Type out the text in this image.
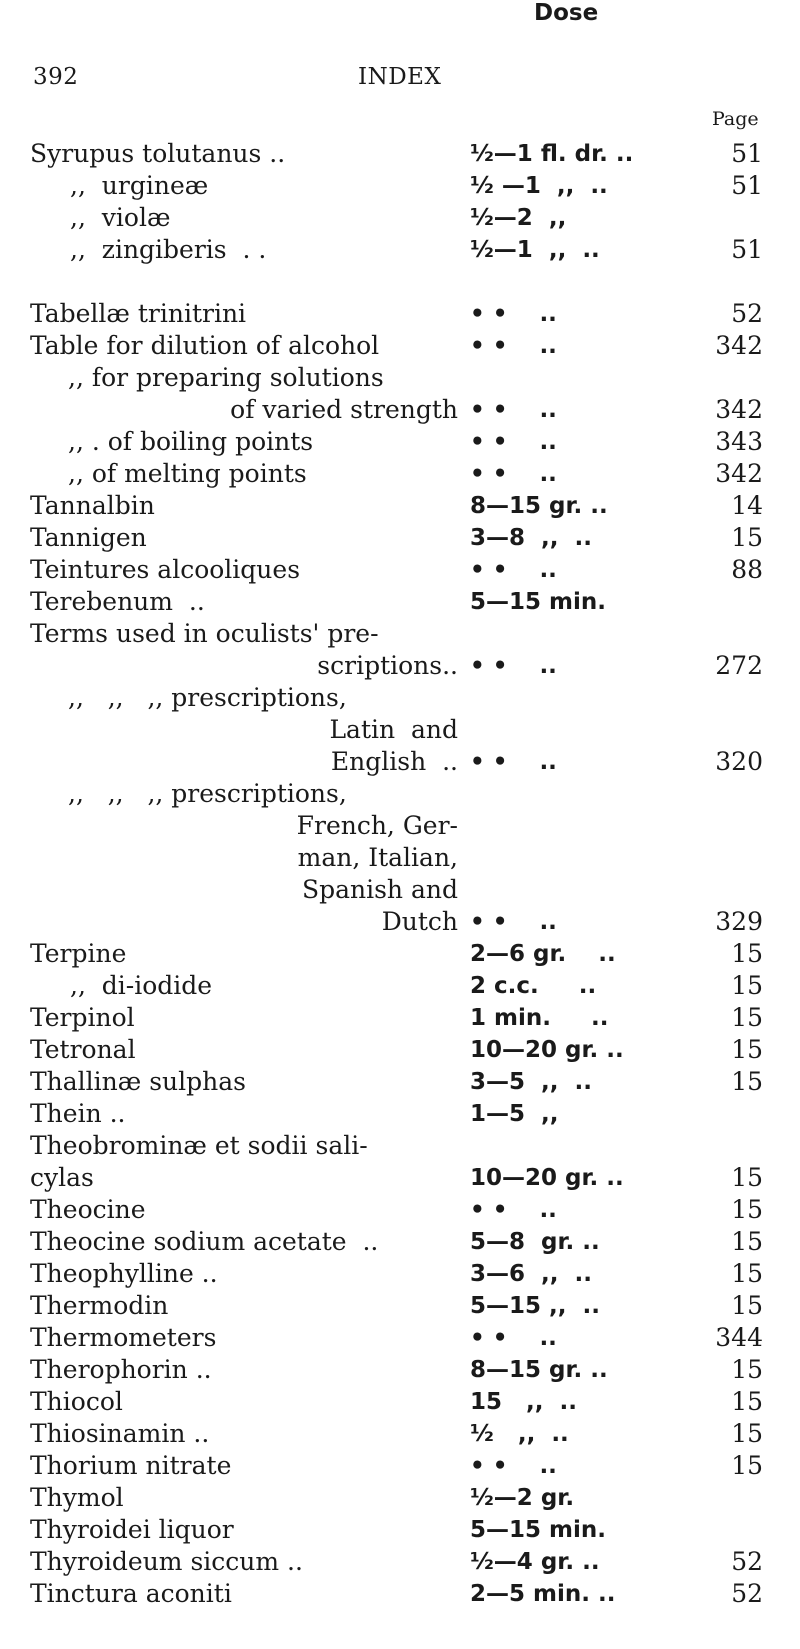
392	INDEX
Dose
Page
Syrupus tolutanus ..	½—1 fl. dr. ..	51
,,  urgineæ	½ —1  ,,  ..	51
,,  violæ	½—2  ,,
,,  zingiberis  . .	½—1  ,,  ..	51
Tabellæ trinitrini	• •    ..	52
Table for dilution of alcohol	• •    ..	342
,, for preparing solutions
of varied strength • •    ..	342
,, . of boiling points	• •    ..	343
,, of melting points	• •    ..	342
Tannalbin	8—15 gr. ..	14
Tannigen	3—8  ,,  ..	15
Teintures alcooliques	• •    ..	88
Terebenum  ..	5—15 min.
Terms used in oculists' pre-
scriptions.. • •    ..	272
,,   ,,   ,, prescriptions,
Latin  and
English  .. • •    ..	320
,,   ,,   ,, prescriptions,
French, Ger-
man, Italian,
Spanish and
Dutch • •    ..	329
Terpine	2—6 gr.    ..	15
,,  di-iodide	2 c.c.     ..	15
Terpinol	1 min.     ..	15
Tetronal	10—20 gr. ..	15
Thallinæ sulphas	3—5  ,,  ..	15
Thein ..	1—5  ,,
Theobrominæ et sodii sali-
cylas	10—20 gr. ..	15
Theocine	• •    ..	15
Theocine sodium acetate  ..	5—8  gr. ..	15
Theophylline ..	3—6  ,,  ..	15
Thermodin	5—15 ,,  ..	15
Thermometers	• •    ..	344
Therophorin ..	8—15 gr. ..	15
Thiocol	15   ,,  ..	15
Thiosinamin ..	½   ,,  ..	15
Thorium nitrate	• •    ..	15
Thymol	½—2 gr.
Thyroidei liquor	5—15 min.
Thyroideum siccum ..	½—4 gr. ..	52
Tinctura aconiti	2—5 min. ..	52
